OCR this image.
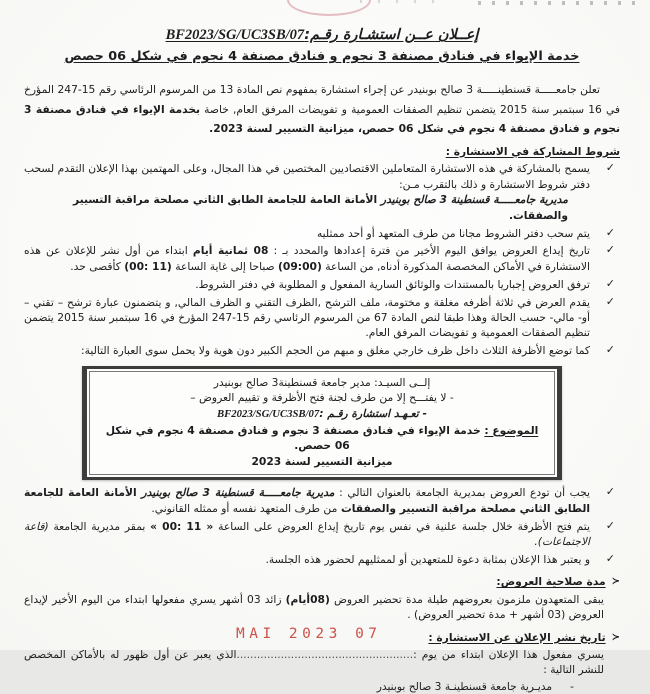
إعــلان عــن استشـارة رقـم:BF2023/SG/UC3SB/07
خدمة الإيواء في فنادق مصنفة 3 نجوم و فنادق مصنفة 4 نجوم في شكل 06 حصص
تعلن جامعـــــة قسنطينـــــة 3 صالح بوبنيدر عن إجراء استشارة بمفهوم نص المادة 13 من المرسوم الرئاسي رقم 15-247 المؤرخ في 16 سبتمبر سنة 2015 يتضمن تنظيم الصفقات العمومية و تفويضات المرفق العام, خاصة بخدمة الإيواء في فنادق مصنفة 3 نجوم و فنادق مصنفة 4 نجوم في شكل 06 حصص، ميزانية التسيير لسنة 2023.
شروط المشاركة في الاستشارة :
✓
يسمح بالمشاركة في هذه الاستشارة المتعاملين الاقتصاديين المختصين في هذا المجال، وعلى المهتمين بهذا الإعلان التقدم لسحب دفتر شروط الاستشارة و ذلك بالتقرب مـن:
مديرية جامعـــــة قسنطينة 3 صالح بوبنيدر الأمانة العامة للجامعة الطابق الثاني مصلحة مراقبة التسيير والصفقات.
✓
يتم سحب دفتر الشروط مجانا من طرف المتعهد أو أحد ممثليه
✓
تاريخ إيداع العروض يوافق اليوم الأخير من فترة إعدادها والمحدد بـ : 08 ثمانية أيام ابتداء من أول نشر للإعلان عن هذه الاستشارة في الأماكن المخصصة المذكورة أدناه, من الساعة (09:00) صباحا إلى غاية الساعة (00: 11) كأقصى حد.
✓
ترفق العروض إجباريا بالمستندات والوثائق السارية المفعول و المطلوبة في دفتر الشروط.
✓
يقدم العرض في ثلاثة أظرفه مغلقة و مختومة، ملف الترشح ,الظرف التقني و الظرف المالي, و يتضمنون عبارة ترشح – تقني – أو- مالي- حسب الحالة وهذا طبقا لنص المادة 67 من المرسوم الرئاسي رقم 15-247 المؤرخ في 16 سبتمبر سنة 2015 يتضمن تنظيم الصفقات العمومية و تفويضات المرفق العام.
✓
كما توضع الأظرفة الثلاث داخل ظرف خارجي مغلق و مبهم من الحجم الكبير دون هوية ولا يحمل سوى العبارة التالية:
إلــى السيـد: مدير جامعة قسنطينة3 صالح بوبنيدر
- لا يفتـــح إلا من طرف لجنة فتح الأظرفة و تقييم العروض –
- تعـهـد استشارة رقـم :BF2023/SG/UC3SB/07
الموضوع : خدمة الإيواء في فنادق مصنفة 3 نجوم و فنادق مصنفة 4 نجوم في شكل 06 حصص.
ميزانية التسيير لسنة 2023
✓
يجب أن تودع العروض بمديرية الجامعة بالعنوان التالي : مديرية جامعـــــة قسنطينة 3 صالح بوبنيدر الأمانة العامة للجامعة الطابق الثاني مصلحة مراقبة التسيير والصفقات من طرف المتعهد نفسه أو ممثله القانوني.
✓
يتم فتح الأظرفة خلال جلسة علنية في نفس يوم تاريخ إيداع العروض على الساعة « 00: 11 » بمقر مديرية الجامعة (قاعة الاجتماعات).
✓
و يعتبر هذا الإعلان بمثابة دعوة للمتعهدين أو لممثليهم لحضور هذه الجلسة.
≺مدة صلاحية العروض:
يبقى المتعهدون ملزمون بعروضهم طيلة مدة تحضير العروض (08أيام) زائد 03 أشهر يسري مفعولها ابتداء من اليوم الأخير لإيداع العروض (03 أشهر + مدة تحضير العروض) .
07 MAI 2023	≺تاريخ نشر الإعلان عن الاستشارة :
يسري مفعول هذا الإعلان ابتداء من يوم :....................................................الذي يعبر عن أول ظهور له بالأماكن المخصص للنشر التالية :
-مديـرية جامعة قسنطينـة 3 صالح بوبنيدر
